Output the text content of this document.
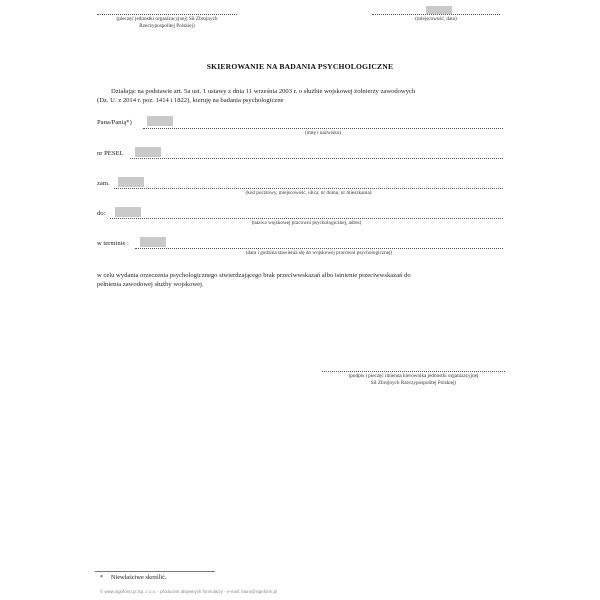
(pieczęć jednostki organizacyjnej) Sił Zbrojnych
Rzeczypospolitej Polskiej)
(miejscowość, data)
SKIEROWANIE NA BADANIA PSYCHOLOGICZNE
Działając na podstawie art. 5a ust. 1 ustawy z dnia 11 września 2003 r. o służbie wojskowej żołnierzy zawodowych
(Dz. U. z 2014 r. poz. 1414 i 1822), kieruję na badania psychologiczne
Pana/Panią*)
(imię i nazwisko)
nr PESEL
zam.
(kod pocztowy, miejscowość, ulica, nr domu, nr mieszkania)
do:
(nazwa wojskowej pracowni psychologicznej, adres)
w terminie :
(data i godzina stawienia się do wojskowej pracowni psychologicznej)
w celu wydania orzeczenia psychologicznego stwierdzającego brak przeciwwskazań albo istnienie przeciwwskazań do
pełnienia zawodowej służby wojskowej.
(podpis i pieczęć imienna kierownika jednostki organizacyjnej
Sił Zbrojnych Rzeczypospolitej Polskiej)
* Niewłaściwe skreślić.
© www.signform.pl Sp. z o.o. - producent aktywnych formularzy - e-mail: biuro@signform.pl
